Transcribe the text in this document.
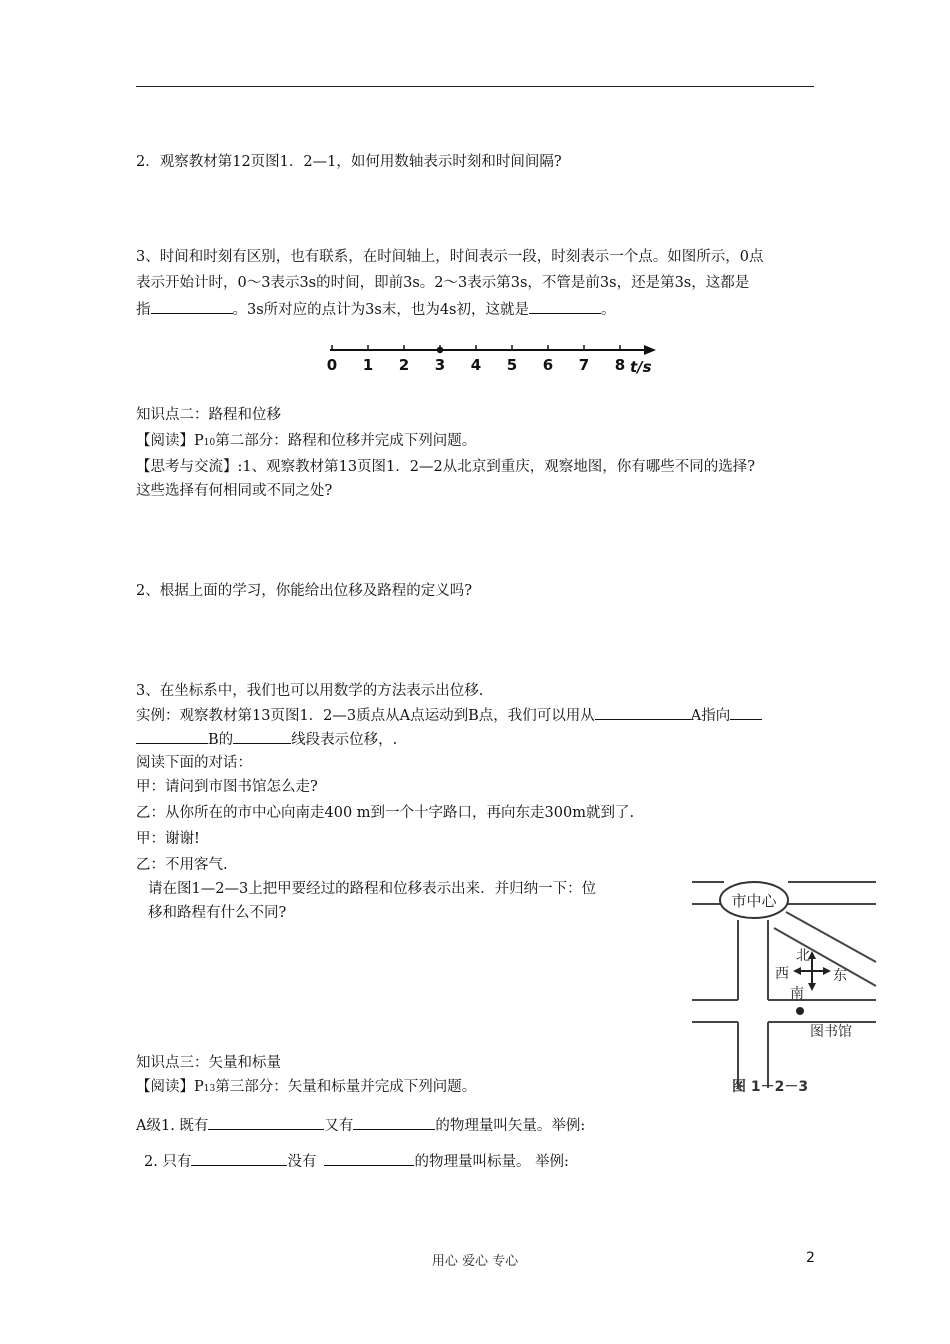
2．观察教材第12页图1．2—1，如何用数轴表示时刻和时间间隔?
3、时间和时刻有区别，也有联系，在时间轴上，时间表示一段，时刻表示一个点。如图所示，0点
表示开始计时，0～3表示3s的时间，即前3s。2～3表示第3s，不管是前3s，还是第3s，这都是
指	。3s所对应的点计为3s末，也为4s初，这就是	。
0 1 2 3 4 5 6 7 8 t/s
知识点二：路程和位移
【阅读】P10第二部分：路程和位移并完成下列问题。
【思考与交流】:1、观察教材第13页图1．2—2从北京到重庆，观察地图，你有哪些不同的选择?
这些选择有何相同或不同之处?
2、根据上面的学习，你能给出位移及路程的定义吗?
3、在坐标系中，我们也可以用数学的方法表示出位移.
实例：观察教材第13页图1．2—3质点从A点运动到B点，我们可以用从	A指向
B的	线段表示位移，.
阅读下面的对话：
甲：请问到市图书馆怎么走?
乙：从你所在的市中心向南走400 m到一个十字路口，再向东走300m就到了.
甲：谢谢!
乙：不用客气.
请在图1—2—3上把甲要经过的路程和位移表示出来．并归纳一下：位
移和路程有什么不同?
市中心
北
西	东
南
图书馆
图 1－2－3
知识点三：矢量和标量
【阅读】P13第三部分：矢量和标量并完成下列问题。
A级1. 既有	又有	的物理量叫矢量。举例:
2. 只有	没有	的物理量叫标量。 举例:
用心 爱心 专心	2
